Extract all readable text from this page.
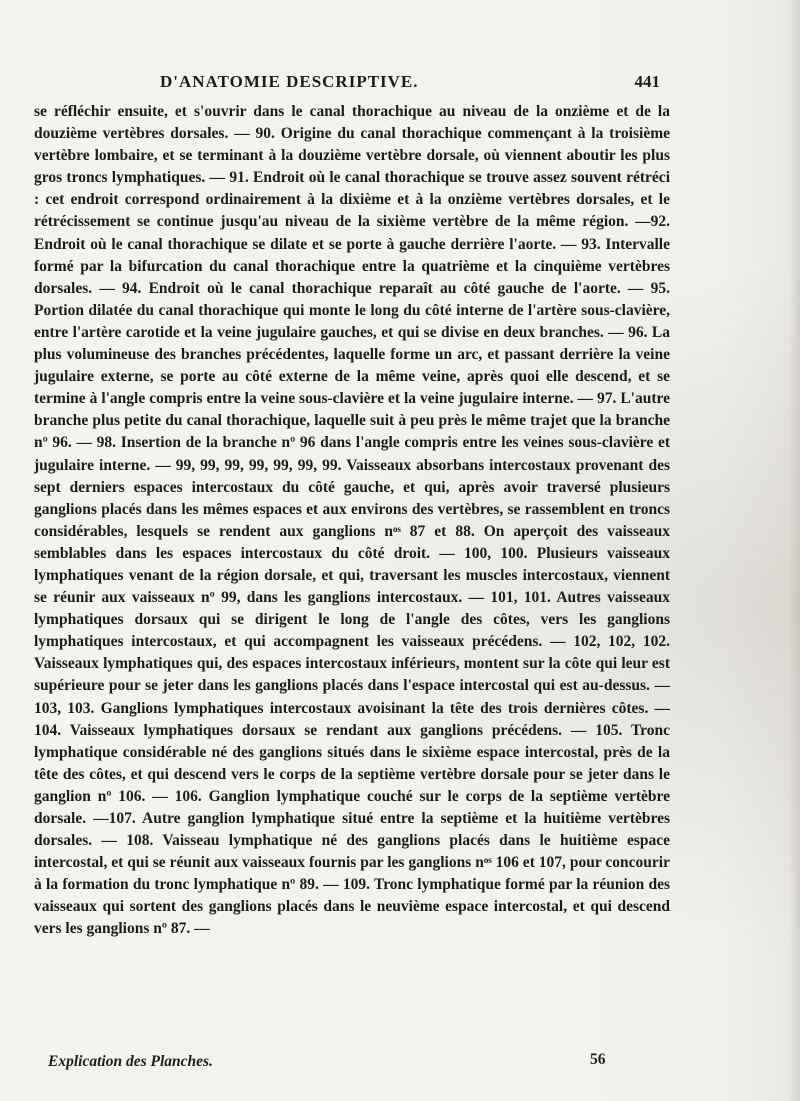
D'ANATOMIE DESCRIPTIVE.	441

se réfléchir ensuite, et s'ouvrir dans le canal thorachique au niveau de la onzième et de la douzième vertèbres dorsales. — 90. Origine du canal thorachique commençant à la troisième vertèbre lombaire, et se terminant à la douzième vertèbre dorsale, où viennent aboutir les plus gros troncs lymphatiques. — 91. Endroit où le canal thorachique se trouve assez souvent rétréci : cet endroit correspond ordinairement à la dixième et à la onzième vertèbres dorsales, et le rétrécissement se continue jusqu'au niveau de la sixième vertèbre de la même région. —92. Endroit où le canal thorachique se dilate et se porte à gauche derrière l'aorte. — 93. Intervalle formé par la bifurcation du canal thorachique entre la quatrième et la cinquième vertèbres dorsales. — 94. Endroit où le canal thorachique reparaît au côté gauche de l'aorte. — 95. Portion dilatée du canal thorachique qui monte le long du côté interne de l'artère sous-clavière, entre l'artère carotide et la veine jugulaire gauches, et qui se divise en deux branches. — 96. La plus volumineuse des branches précédentes, laquelle forme un arc, et passant derrière la veine jugulaire externe, se porte au côté externe de la même veine, après quoi elle descend, et se termine à l'angle compris entre la veine sous-clavière et la veine jugulaire interne. — 97. L'autre branche plus petite du canal thorachique, laquelle suit à peu près le même trajet que la branche nº 96. — 98. Insertion de la branche nº 96 dans l'angle compris entre les veines sous-clavière et jugulaire interne. — 99, 99, 99, 99, 99, 99, 99. Vaisseaux absorbans intercostaux provenant des sept derniers espaces intercostaux du côté gauche, et qui, après avoir traversé plusieurs ganglions placés dans les mêmes espaces et aux environs des vertèbres, se rassemblent en troncs considérables, lesquels se rendent aux ganglions nᵒˢ 87 et 88. On aperçoit des vaisseaux semblables dans les espaces intercostaux du côté droit. — 100, 100. Plusieurs vaisseaux lymphatiques venant de la région dorsale, et qui, traversant les muscles intercostaux, viennent se réunir aux vaisseaux nº 99, dans les ganglions intercostaux. — 101, 101. Autres vaisseaux lymphatiques dorsaux qui se dirigent le long de l'angle des côtes, vers les ganglions lymphatiques intercostaux, et qui accompagnent les vaisseaux précédens. — 102, 102, 102. Vaisseaux lymphatiques qui, des espaces intercostaux inférieurs, montent sur la côte qui leur est supérieure pour se jeter dans les ganglions placés dans l'espace intercostal qui est au-dessus. — 103, 103. Ganglions lymphatiques intercostaux avoisinant la tête des trois dernières côtes. — 104. Vaisseaux lymphatiques dorsaux se rendant aux ganglions précédens. — 105. Tronc lymphatique considérable né des ganglions situés dans le sixième espace intercostal, près de la tête des côtes, et qui descend vers le corps de la septième vertèbre dorsale pour se jeter dans le ganglion nº 106. — 106. Ganglion lymphatique couché sur le corps de la septième vertèbre dorsale. —107. Autre ganglion lymphatique situé entre la septième et la huitième vertèbres dorsales. — 108. Vaisseau lymphatique né des ganglions placés dans le huitième espace intercostal, et qui se réunit aux vaisseaux fournis par les ganglions nᵒˢ 106 et 107, pour concourir à la formation du tronc lymphatique nº 89. — 109. Tronc lymphatique formé par la réunion des vaisseaux qui sortent des ganglions placés dans le neuvième espace intercostal, et qui descend vers les ganglions nº 87. —

Explication des Planches.	56
